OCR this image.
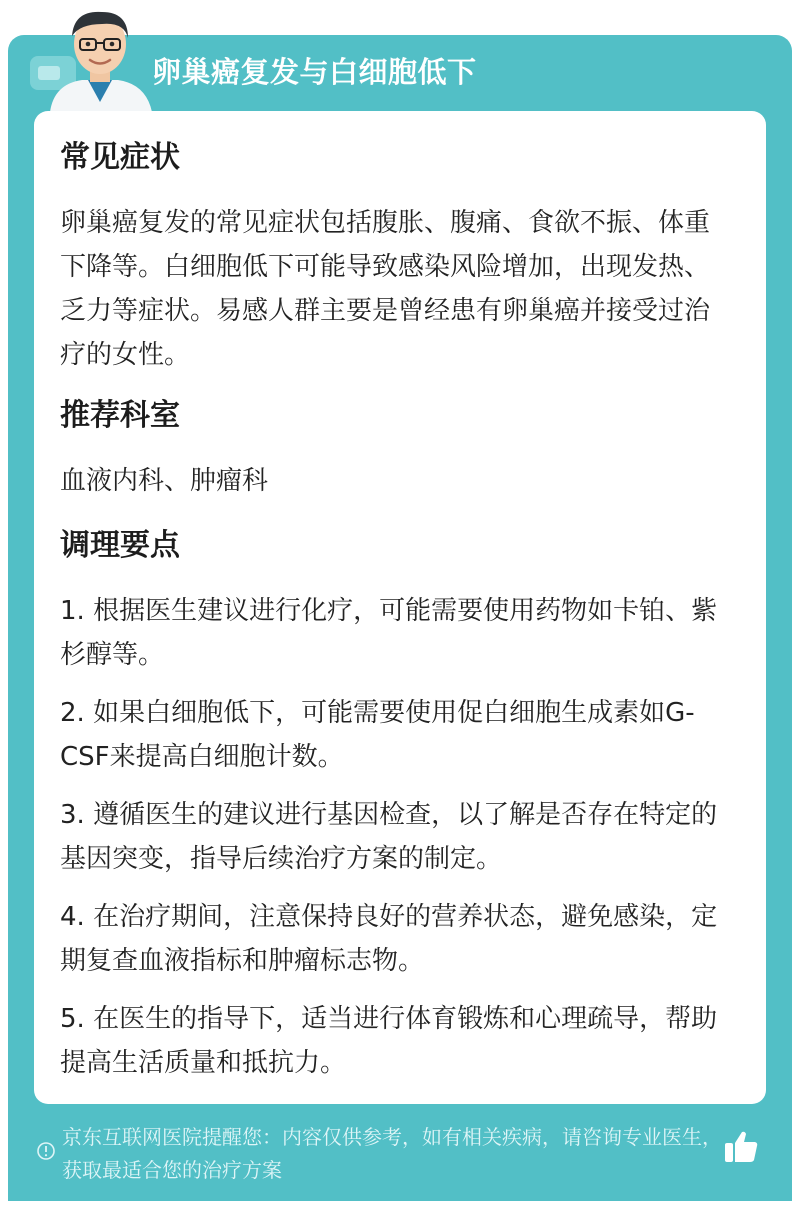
卵巢癌复发与白细胞低下
常见症状
卵巢癌复发的常见症状包括腹胀、腹痛、食欲不振、体重下降等。白细胞低下可能导致感染风险增加，出现发热、乏力等症状。易感人群主要是曾经患有卵巢癌并接受过治疗的女性。
推荐科室
血液内科、肿瘤科
调理要点
1. 根据医生建议进行化疗，可能需要使用药物如卡铂、紫杉醇等。
2. 如果白细胞低下，可能需要使用促白细胞生成素如G-CSF来提高白细胞计数。
3. 遵循医生的建议进行基因检查，以了解是否存在特定的基因突变，指导后续治疗方案的制定。
4. 在治疗期间，注意保持良好的营养状态，避免感染，定期复查血液指标和肿瘤标志物。
5. 在医生的指导下，适当进行体育锻炼和心理疏导，帮助提高生活质量和抵抗力。
京东互联网医院提醒您：内容仅供参考，如有相关疾病，请咨询专业医生，获取最适合您的治疗方案
